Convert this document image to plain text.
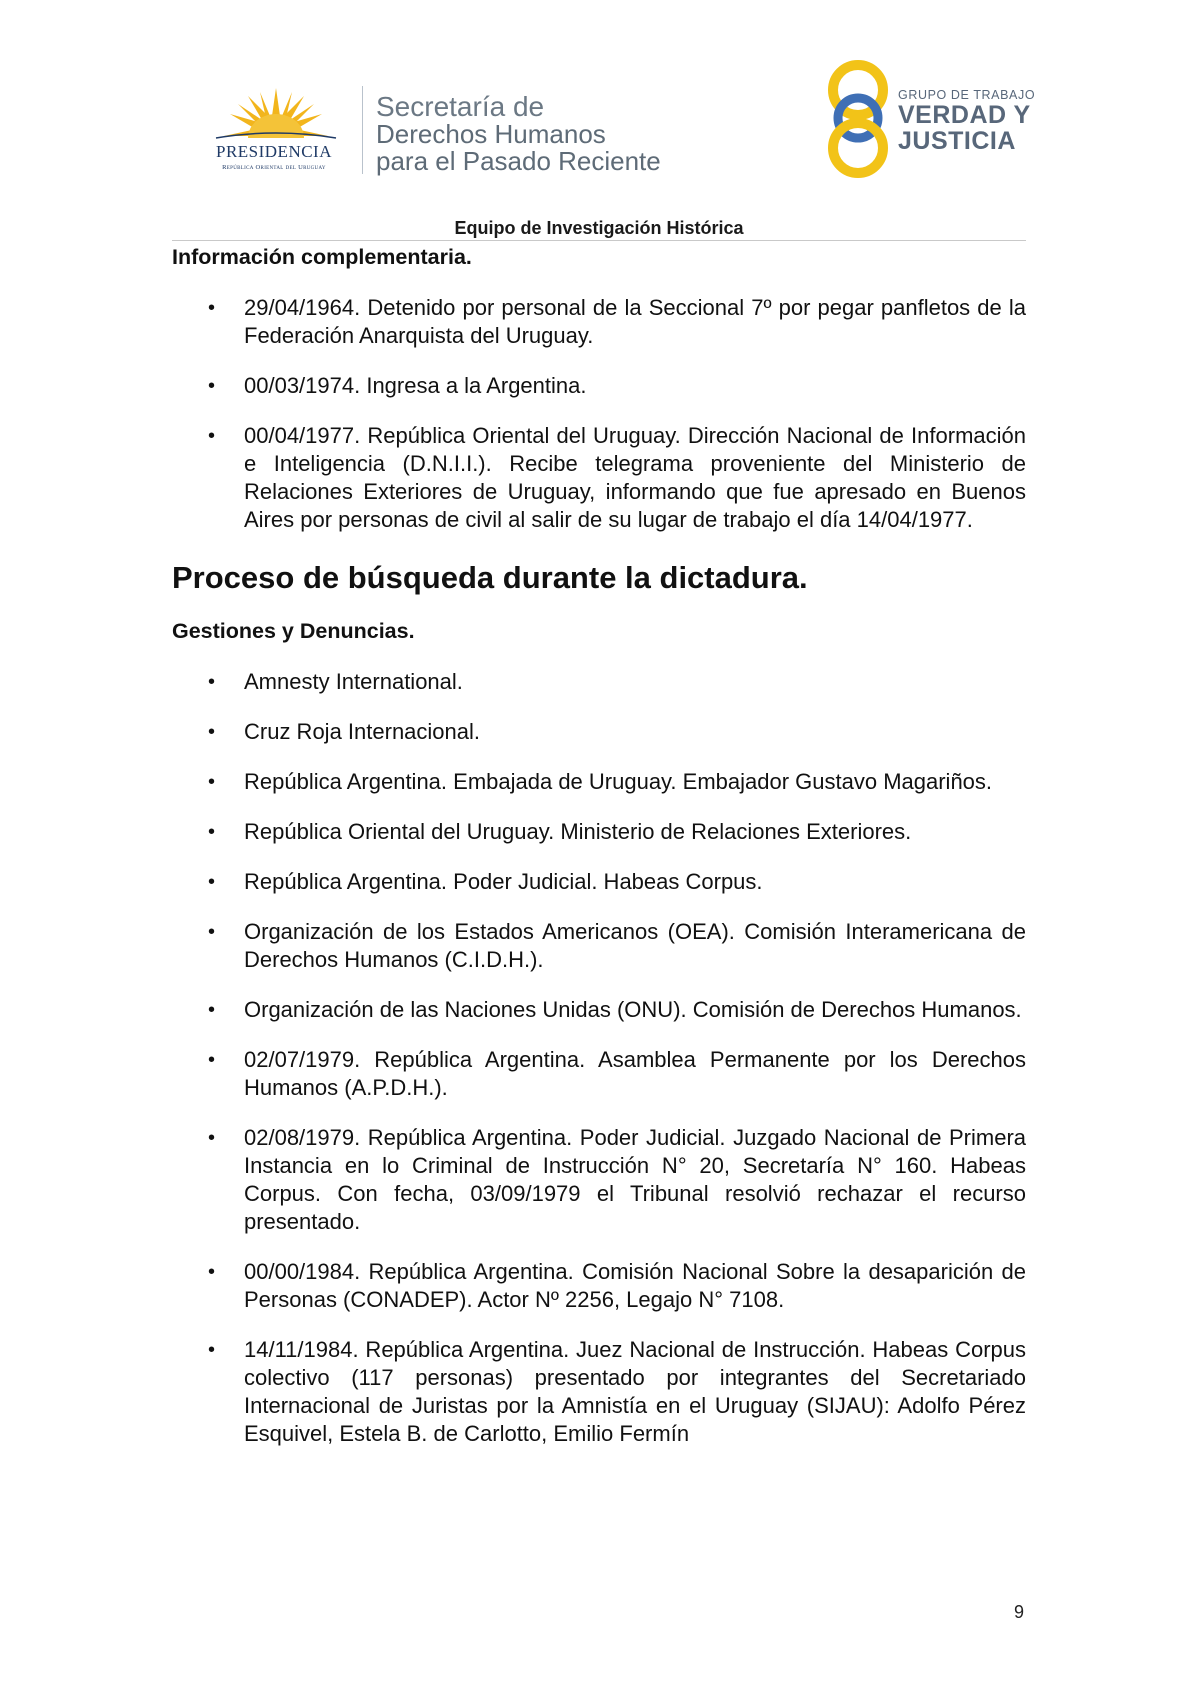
PRESIDENCIA
República Oriental del Uruguay
Secretaría de
Derechos Humanos
para el Pasado Reciente
GRUPO DE TRABAJO
VERDAD Y
JUSTICIA
Equipo de Investigación Histórica
Información complementaria.
• 29/04/1964. Detenido por personal de la Seccional 7º por pegar panfletos de la Federación Anarquista del Uruguay.
• 00/03/1974. Ingresa a la Argentina.
• 00/04/1977. República Oriental del Uruguay. Dirección Nacional de Información e Inteligencia (D.N.I.I.). Recibe telegrama proveniente del Ministerio de Relaciones Exteriores de Uruguay, informando que fue apresado en Buenos Aires por personas de civil al salir de su lugar de trabajo el día 14/04/1977.
Proceso de búsqueda durante la dictadura.
Gestiones y Denuncias.
• Amnesty International.
• Cruz Roja Internacional.
• República Argentina. Embajada de Uruguay. Embajador Gustavo Magariños.
• República Oriental del Uruguay. Ministerio de Relaciones Exteriores.
• República Argentina. Poder Judicial. Habeas Corpus.
• Organización de los Estados Americanos (OEA). Comisión Interamericana de Derechos Humanos (C.I.D.H.).
• Organización de las Naciones Unidas (ONU). Comisión de Derechos Humanos.
• 02/07/1979. República Argentina. Asamblea Permanente por los Derechos Humanos (A.P.D.H.).
• 02/08/1979. República Argentina. Poder Judicial. Juzgado Nacional de Primera Instancia en lo Criminal de Instrucción N° 20, Secretaría N° 160. Habeas Corpus. Con fecha, 03/09/1979 el Tribunal resolvió rechazar el recurso presentado.
• 00/00/1984. República Argentina. Comisión Nacional Sobre la desaparición de Personas (CONADEP). Actor Nº 2256, Legajo N° 7108.
• 14/11/1984. República Argentina. Juez Nacional de Instrucción. Habeas Corpus colectivo (117 personas) presentado por integrantes del Secretariado Internacional de Juristas por la Amnistía en el Uruguay (SIJAU): Adolfo Pérez Esquivel, Estela B. de Carlotto, Emilio Fermín
9
